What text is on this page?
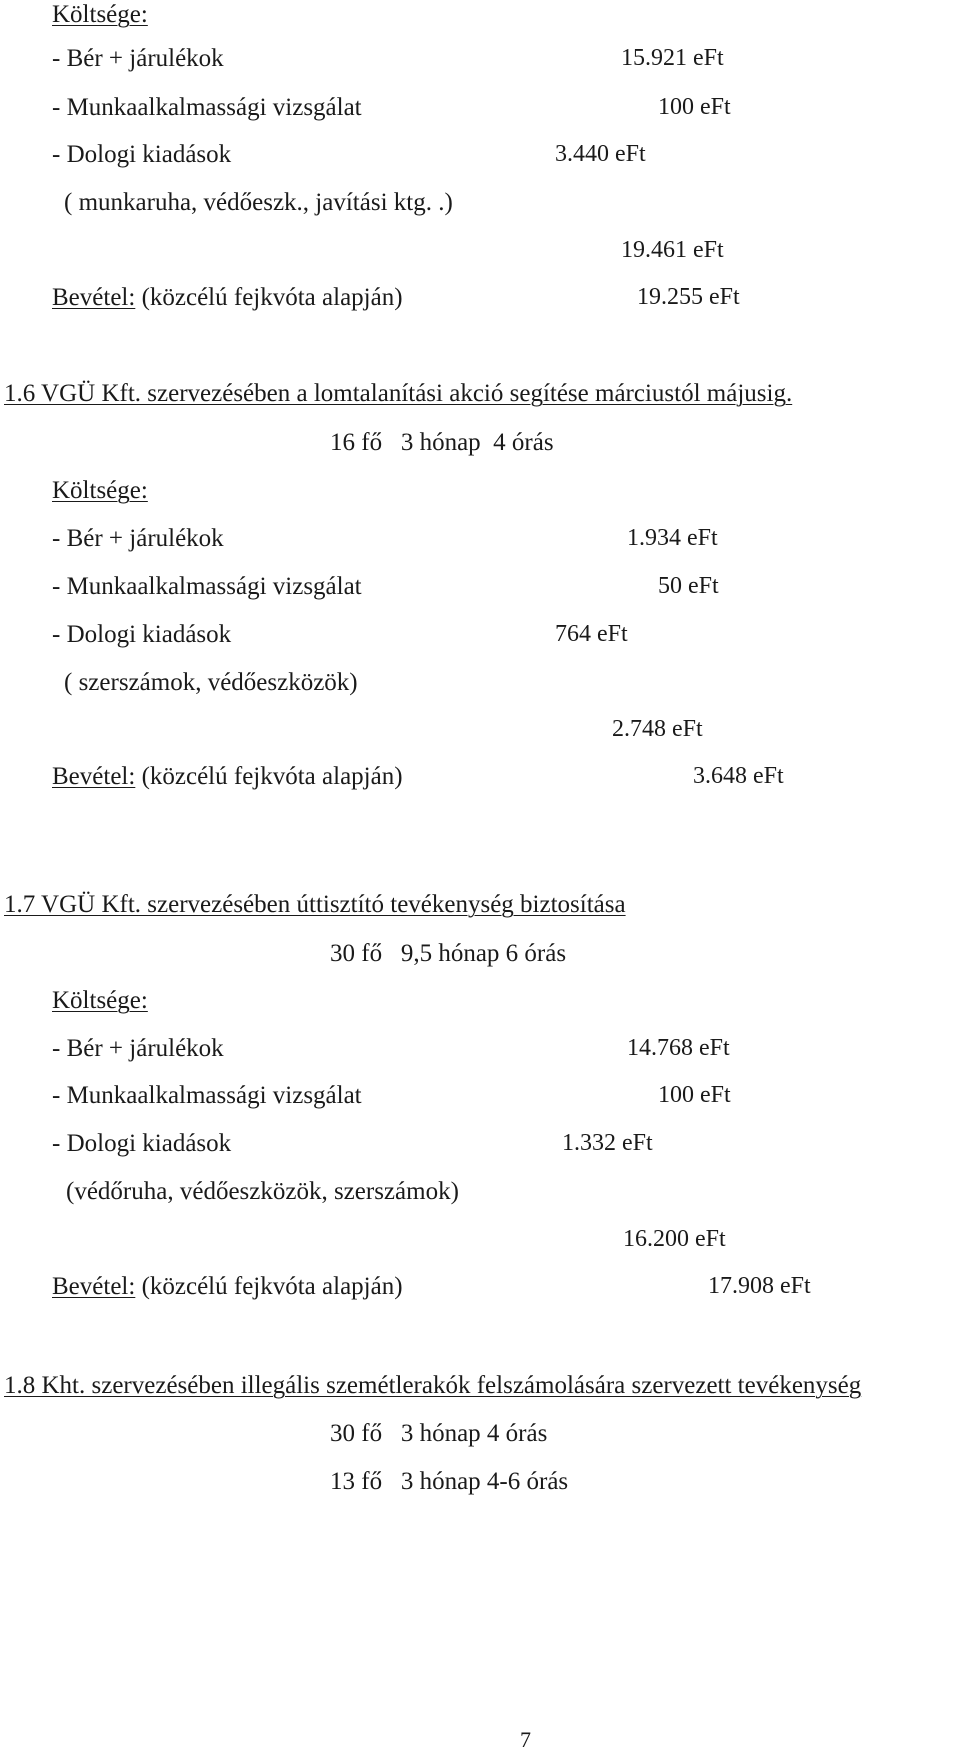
Költsége:
- Bér + járulékok	15.921 eFt
- Munkaalkalmassági vizsgálat	100 eFt
- Dologi kiadások	3.440 eFt
( munkaruha, védőeszk., javítási ktg. .)
19.461 eFt
Bevétel: (közcélú fejkvóta alapján)	19.255 eFt
1.6 VGÜ Kft. szervezésében a lomtalanítási akció segítése márciustól májusig.
16 fő   3 hónap  4 órás
Költsége:
- Bér + járulékok	1.934 eFt
- Munkaalkalmassági vizsgálat	50 eFt
- Dologi kiadások	764 eFt
( szerszámok, védőeszközök)
2.748 eFt
Bevétel: (közcélú fejkvóta alapján)	3.648 eFt
1.7 VGÜ Kft. szervezésében úttisztító tevékenység biztosítása
30 fő   9,5 hónap 6 órás
Költsége:
- Bér + járulékok	14.768 eFt
- Munkaalkalmassági vizsgálat	100 eFt
- Dologi kiadások	1.332 eFt
(védőruha, védőeszközök, szerszámok)
16.200 eFt
Bevétel: (közcélú fejkvóta alapján)	17.908 eFt
1.8 Kht. szervezésében illegális szemétlerakók felszámolására szervezett tevékenység
30 fő   3 hónap 4 órás
13 fő   3 hónap 4-6 órás
7
